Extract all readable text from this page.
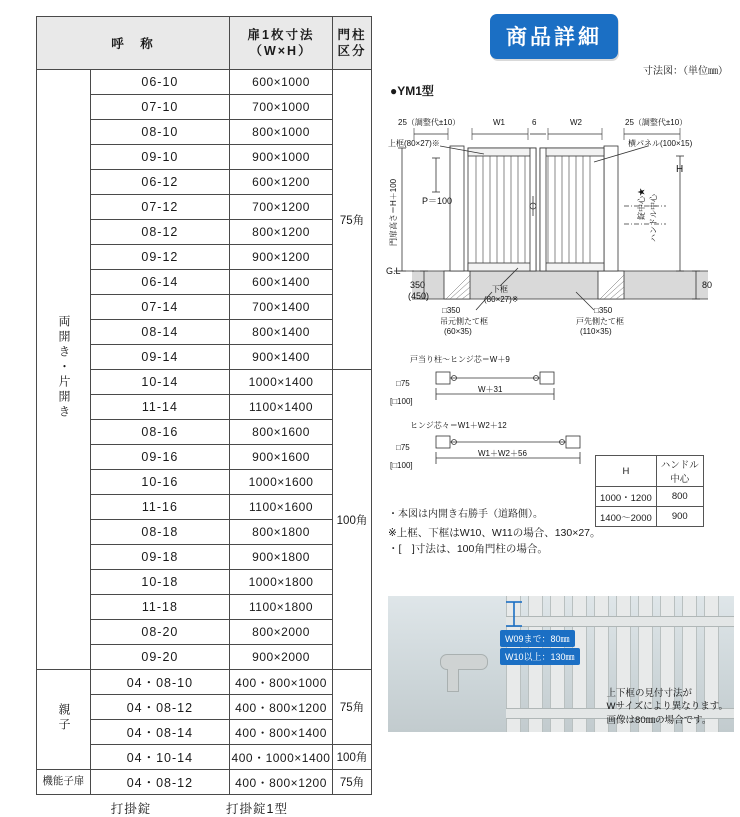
呼　称		扉1枚寸法
（W×H）	門柱
区分
両開き・片開き	06-10	600×1000	75角
	07-10	700×1000	
	08-10	800×1000	
	09-10	900×1000	
	06-12	600×1200	
	07-12	700×1200	
	08-12	800×1200	
	09-12	900×1200	
	06-14	600×1400	
	07-14	700×1400	
	08-14	800×1400	
	09-14	900×1400	
	10-14	1000×1400	100角
	11-14	1100×1400	
	08-16	800×1600	
	09-16	900×1600	
	10-16	1000×1600	
	11-16	1100×1600	
	08-18	800×1800	
	09-18	900×1800	
	10-18	1000×1800	
	11-18	1100×1800	
	08-20	800×2000	
	09-20	900×2000	
親子	04・08-10	400・800×1000	75角
	04・08-12	400・800×1200	
	04・08-14	400・800×1400	
	04・10-14	400・1000×1400	100角
機能子扉	04・08-12	400・800×1200	75角
打掛錠	打掛錠1型
商品詳細
寸法図：（単位㎜）
●YM1型
25（調整代±10）	W1	6	W2	25（調整代±10）
上框(80×27)※	横パネル(100×15)
G.L
350
(450)
80
H
□350	□350
下框
(80×27)※
吊元側たて框
(60×35)
戸先側たて框
(110×35)
P＝100
門扉高さ＝H＋100	錠中心★ ハンドル中心
戸当り柱～ヒンジ芯＝W＋9
W＋31
□75
[□100]
ヒンジ芯々＝W1＋W2＋12
W1＋W2＋56
□75
[□100]	H	ハンドル
中心
1000・1200	800
1400～2000	900
・本図は内開き右勝手（道路側）。
※上框、下框はW10、W11の場合、130×27。
・[　]寸法は、100角門柱の場合。
W09まで：80㎜
W10以上：130㎜
上下框の見付寸法が
Wサイズにより異なります。
画像は80㎜の場合です。
